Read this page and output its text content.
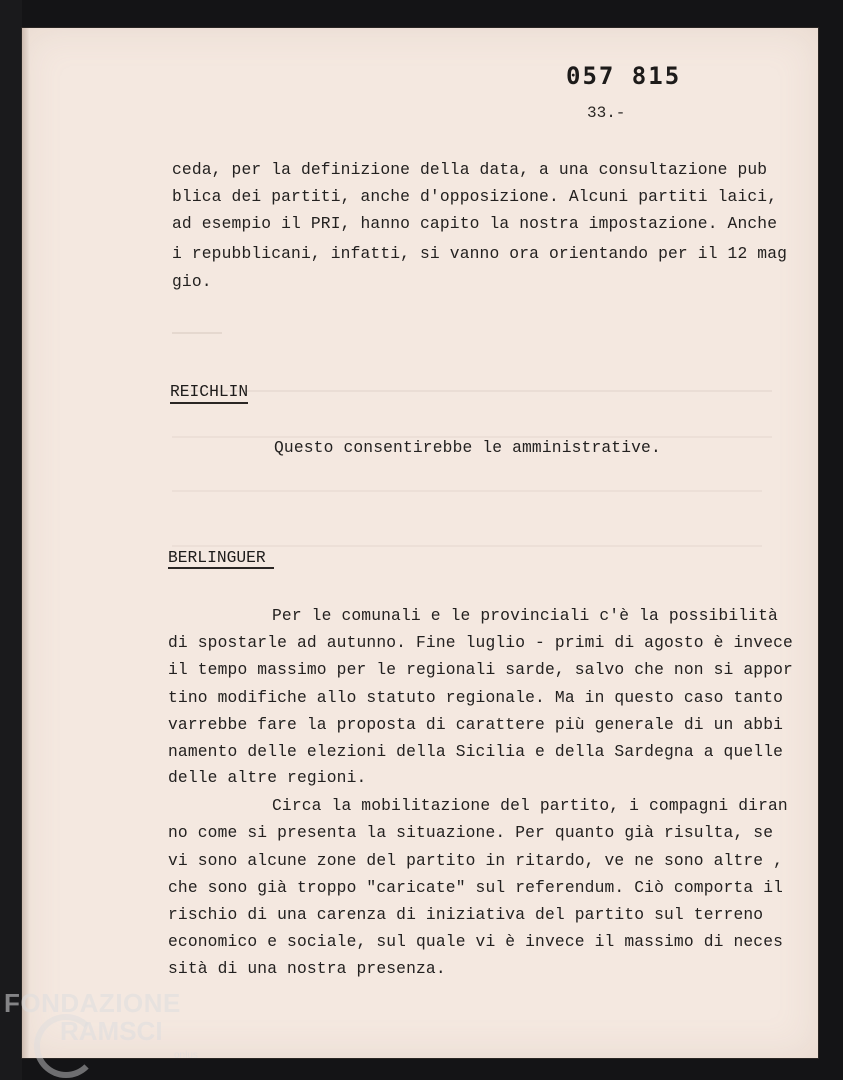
057 815
33.-
ceda, per la definizione della data, a una consultazione pub
blica dei partiti, anche d'opposizione. Alcuni partiti laici,
ad esempio il PRI, hanno capito la nostra impostazione. Anche
i repubblicani, infatti, si vanno ora orientando per il 12 mag
gio.
REICHLIN
Questo consentirebbe le amministrative.
BERLINGUER
Per le comunali e le provinciali c'è la possibilità
di spostarle ad autunno. Fine luglio - primi di agosto è invece
il tempo massimo per le regionali sarde, salvo che non si appor
tino modifiche allo statuto regionale. Ma in questo caso tanto
varrebbe fare la proposta di carattere più generale di un abbi
namento delle elezioni della Sicilia e della Sardegna a quelle
delle altre regioni.
Circa la mobilitazione del partito, i compagni diran
no come si presenta la situazione. Per quanto già risulta, se
vi sono alcune zone del partito in ritardo, ve ne sono altre ,
che sono già troppo "caricate" sul referendum. Ciò comporta il
rischio di una carenza di iniziativa del partito sul terreno
economico e sociale, sul quale vi è invece il massimo di neces
sità di una nostra presenza.
FONDAZIONE
RAMSCI
onlus
